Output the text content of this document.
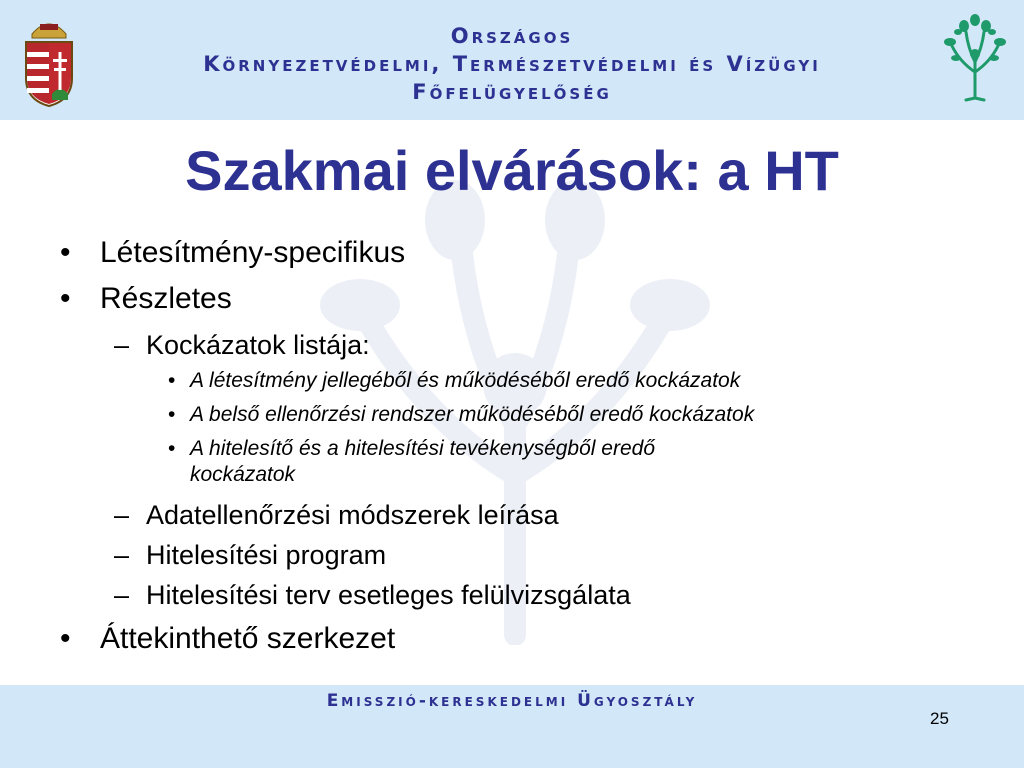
Országos
Környezetvédelmi, Természetvédelmi és Vízügyi
Főfelügyelőség
Szakmai elvárások: a HT
• Létesítmény-specifikus
• Részletes
– Kockázatok listája:
• A létesítmény jellegéből és működéséből eredő kockázatok
• A belső ellenőrzési rendszer működéséből eredő kockázatok
• A hitelesítő és a hitelesítési tevékenységből eredő
kockázatok
– Adatellenőrzési módszerek leírása
– Hitelesítési program
– Hitelesítési terv esetleges felülvizsgálata
• Áttekinthető szerkezet
Emisszió-kereskedelmi Ügyosztály
25
